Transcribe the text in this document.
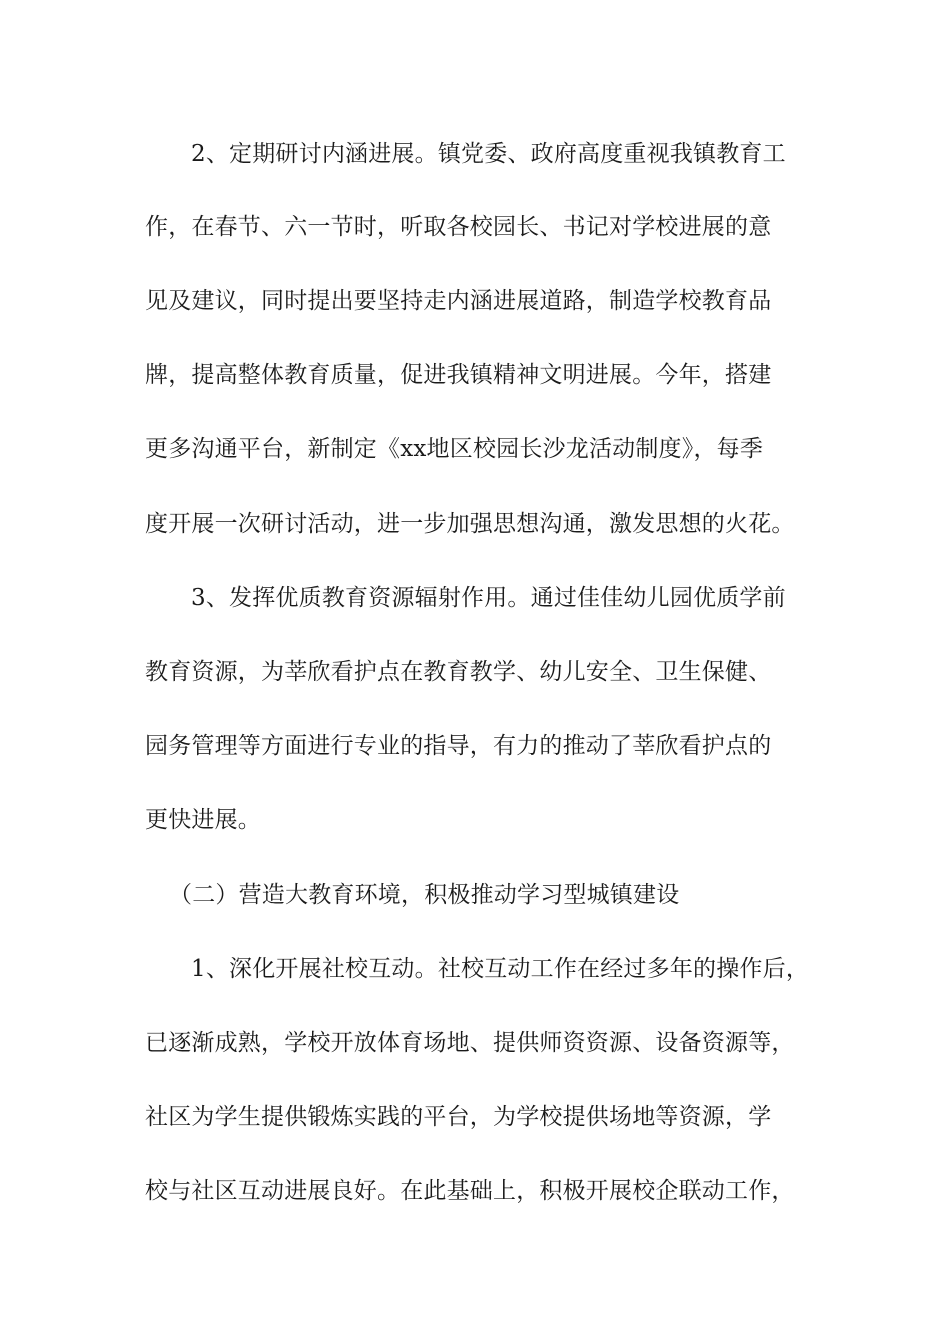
2、定期研讨内涵进展。镇党委、政府高度重视我镇教育工
作，在春节、六一节时，听取各校园长、书记对学校进展的意
见及建议，同时提出要坚持走内涵进展道路，制造学校教育品
牌，提高整体教育质量，促进我镇精神文明进展。今年，搭建
更多沟通平台，新制定《xx地区校园长沙龙活动制度》，每季
度开展一次研讨活动，进一步加强思想沟通，激发思想的火花。
3、发挥优质教育资源辐射作用。通过佳佳幼儿园优质学前
教育资源，为莘欣看护点在教育教学、幼儿安全、卫生保健、
园务管理等方面进行专业的指导，有力的推动了莘欣看护点的
更快进展。
（二）营造大教育环境，积极推动学习型城镇建设
1、深化开展社校互动。社校互动工作在经过多年的操作后，
已逐渐成熟，学校开放体育场地、提供师资资源、设备资源等，
社区为学生提供锻炼实践的平台，为学校提供场地等资源，学
校与社区互动进展良好。在此基础上，积极开展校企联动工作，
